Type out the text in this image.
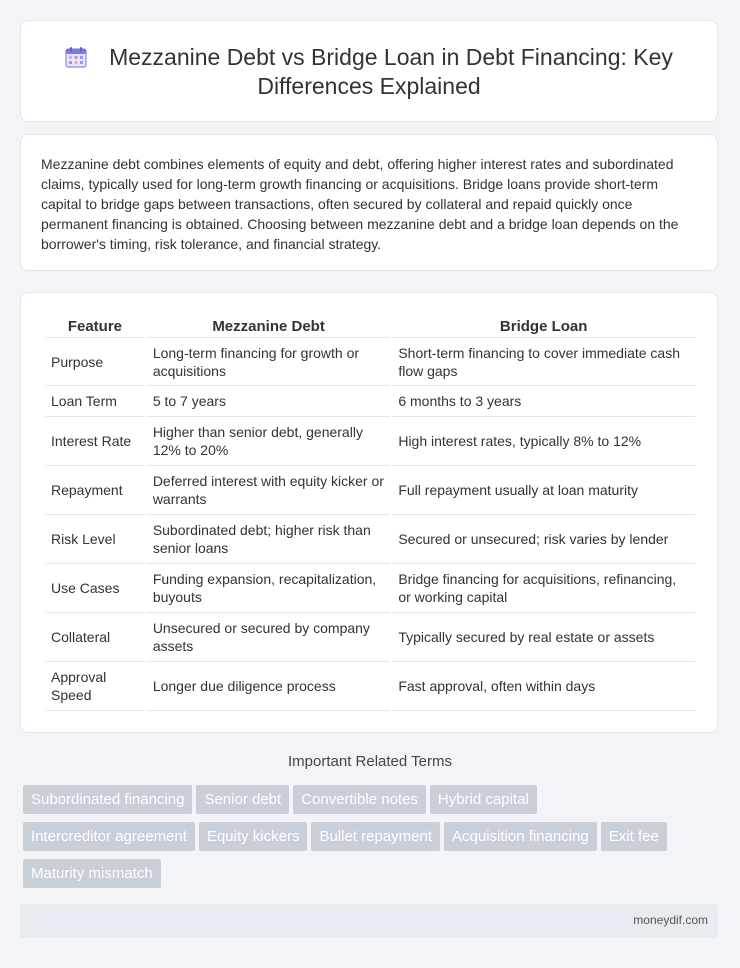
Mezzanine Debt vs Bridge Loan in Debt Financing: Key
Differences Explained

Mezzanine debt combines elements of equity and debt, offering higher interest rates and subordinated claims, typically used for long-term growth financing or acquisitions. Bridge loans provide short-term capital to bridge gaps between transactions, often secured by collateral and repaid quickly once permanent financing is obtained. Choosing between mezzanine debt and a bridge loan depends on the borrower's timing, risk tolerance, and financial strategy.

Feature	Mezzanine Debt	Bridge Loan
Purpose	Long-term financing for growth or acquisitions	Short-term financing to cover immediate cash flow gaps
Loan Term	5 to 7 years	6 months to 3 years
Interest Rate	Higher than senior debt, generally 12% to 20%	High interest rates, typically 8% to 12%
Repayment	Deferred interest with equity kicker or warrants	Full repayment usually at loan maturity
Risk Level	Subordinated debt; higher risk than senior loans	Secured or unsecured; risk varies by lender
Use Cases	Funding expansion, recapitalization, buyouts	Bridge financing for acquisitions, refinancing, or working capital
Collateral	Unsecured or secured by company assets	Typically secured by real estate or assets
Approval Speed	Longer due diligence process	Fast approval, often within days
Important Related Terms
Subordinated financing Senior debt Convertible notes Hybrid capital
Intercreditor agreement Equity kickers Bullet repayment Acquisition financing Exit fee
Maturity mismatch
moneydif.com
